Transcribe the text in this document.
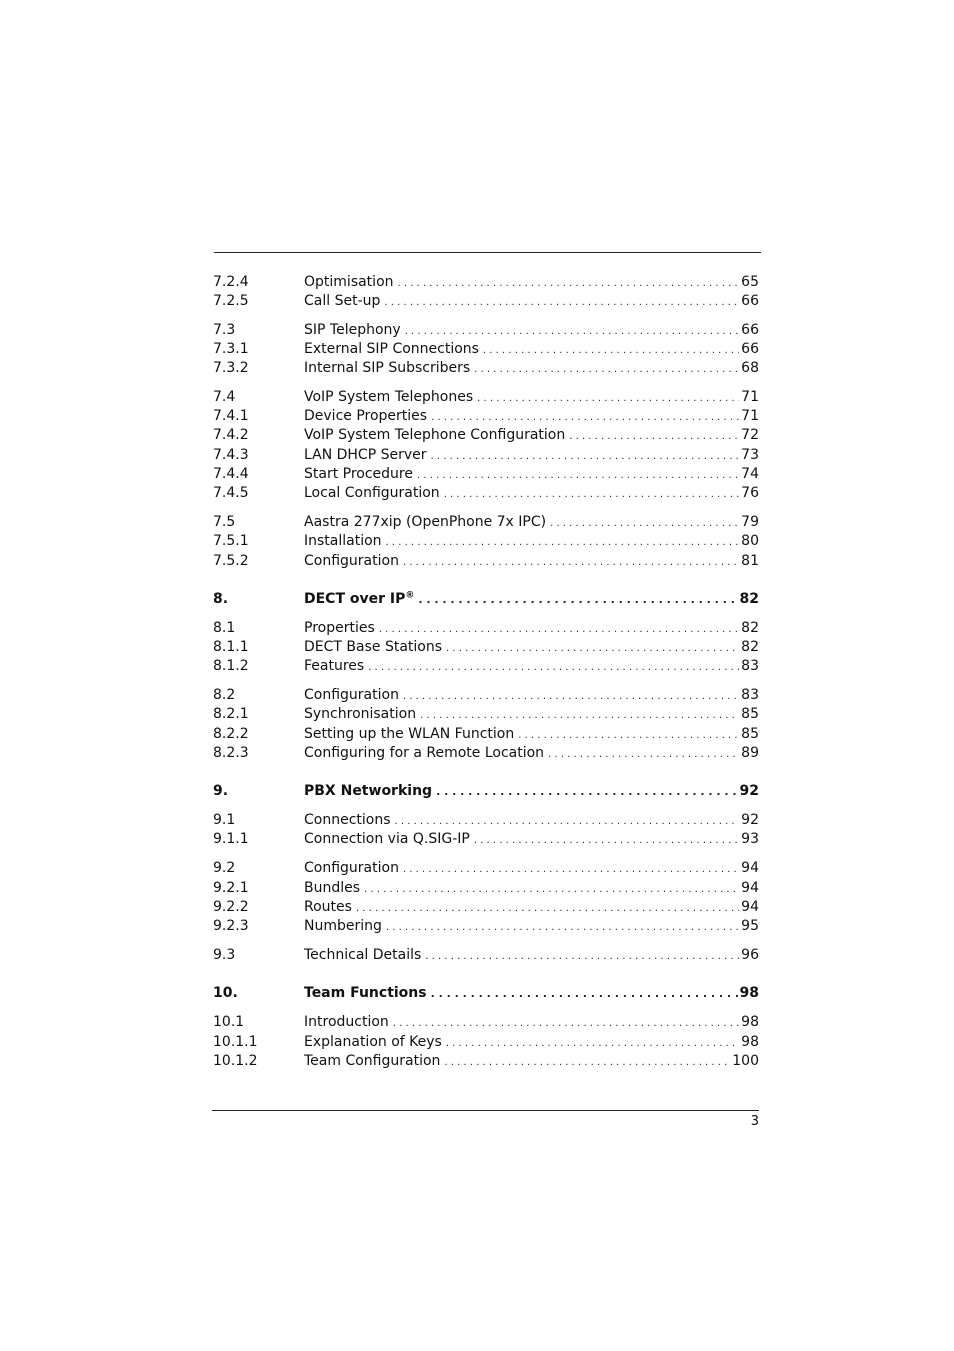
7.2.4	Optimisation . . .	65
7.2.5	Call Set-up . . .	66
7.3	SIP Telephony . . .	66
7.3.1	External SIP Connections . . .	66
7.3.2	Internal SIP Subscribers . . .	68
7.4	VoIP System Telephones . . .	71
7.4.1	Device Properties . . .	71
7.4.2	VoIP System Telephone Configuration . . .	72
7.4.3	LAN DHCP Server . . .	73
7.4.4	Start Procedure . . .	74
7.4.5	Local Configuration . . .	76
7.5	Aastra 277xip (OpenPhone 7x IPC) . . .	79
7.5.1	Installation . . .	80
7.5.2	Configuration . . .	81
8.	DECT over IP® . . .	82
8.1	Properties . . .	82
8.1.1	DECT Base Stations . . .	82
8.1.2	Features . . .	83
8.2	Configuration . . .	83
8.2.1	Synchronisation . . .	85
8.2.2	Setting up the WLAN Function . . .	85
8.2.3	Configuring for a Remote Location . . .	89
9.	PBX Networking . . .	92
9.1	Connections . . .	92
9.1.1	Connection via Q.SIG-IP . . .	93
9.2	Configuration . . .	94
9.2.1	Bundles . . .	94
9.2.2	Routes . . .	94
9.2.3	Numbering . . .	95
9.3	Technical Details . . .	96
10.	Team Functions . . .	98
10.1	Introduction . . .	98
10.1.1	Explanation of Keys . . .	98
10.1.2	Team Configuration . . .	100
3
